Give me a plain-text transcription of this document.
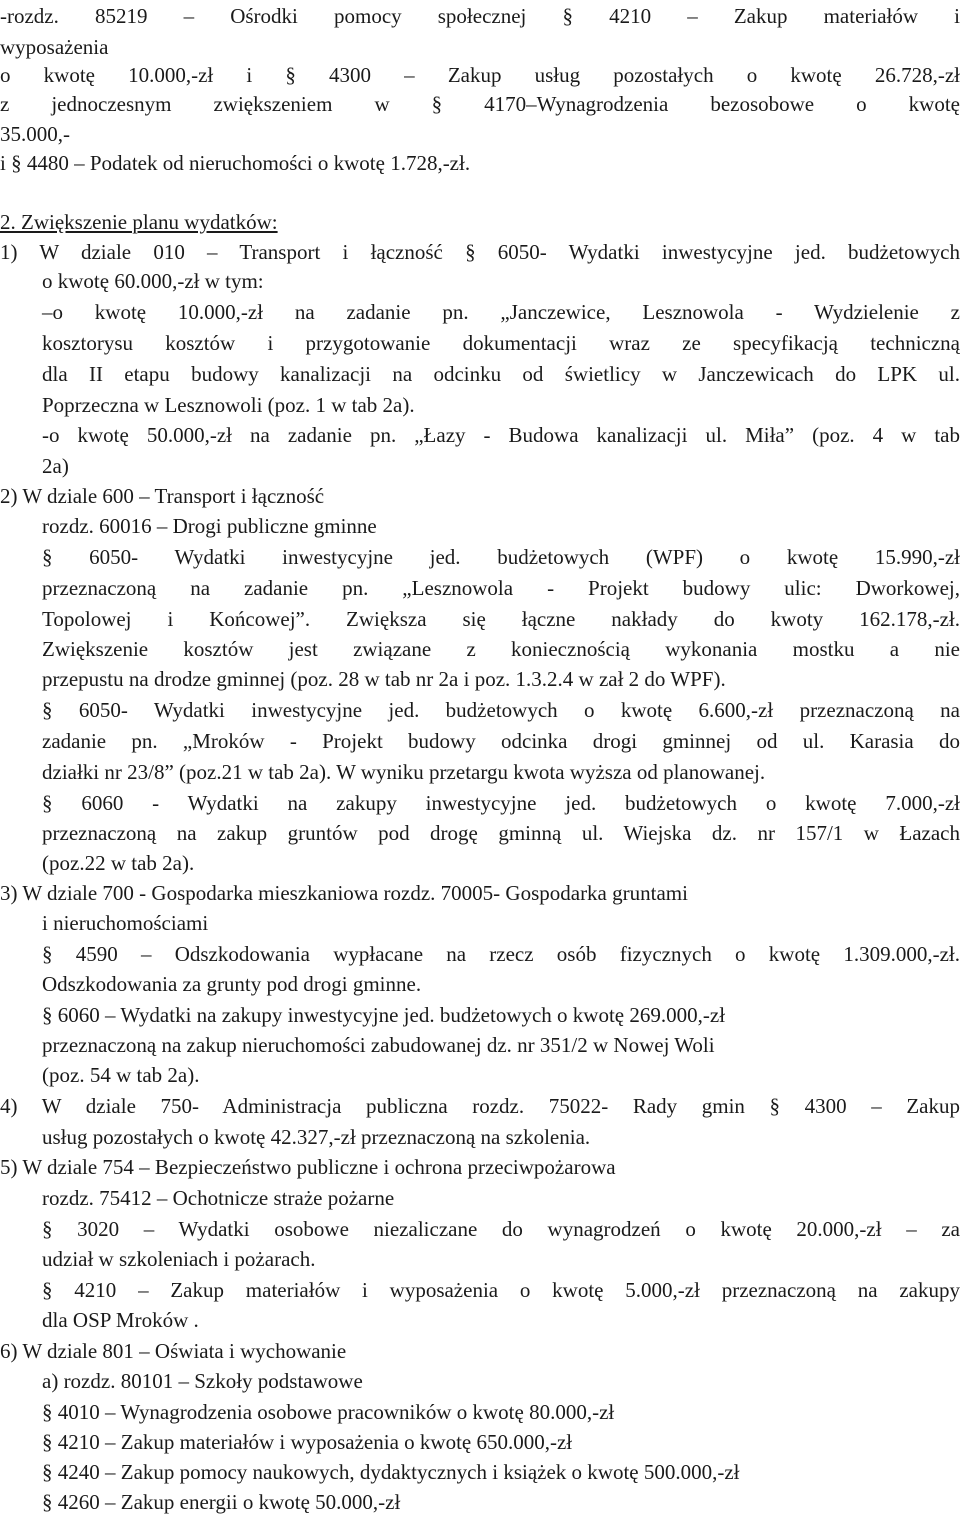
-rozdz. 85219 – Ośrodki pomocy społecznej § 4210 – Zakup materiałów i
wyposażenia
o kwotę 10.000,-zł i § 4300 – Zakup usług pozostałych o kwotę 26.728,-zł
z jednoczesnym zwiększeniem w § 4170–Wynagrodzenia bezosobowe o kwotę
35.000,-
i § 4480 – Podatek od nieruchomości o kwotę 1.728,-zł.
2. Zwiększenie planu wydatków:
1) W dziale 010 – Transport i łączność § 6050- Wydatki inwestycyjne jed. budżetowych
o kwotę 60.000,-zł w tym:
–o kwotę 10.000,-zł na zadanie pn. „Janczewice, Lesznowola - Wydzielenie z
kosztorysu kosztów i przygotowanie dokumentacji wraz ze specyfikacją techniczną
dla II etapu budowy kanalizacji na odcinku od świetlicy w Janczewicach do LPK ul.
Poprzeczna w Lesznowoli (poz. 1 w tab 2a).
-o kwotę 50.000,-zł na zadanie pn. „Łazy - Budowa kanalizacji ul. Miła” (poz. 4 w tab
2a)
2) W dziale 600 – Transport i łączność
rozdz. 60016 – Drogi publiczne gminne
§ 6050- Wydatki inwestycyjne jed. budżetowych (WPF) o kwotę 15.990,-zł
przeznaczoną na zadanie pn. „Lesznowola - Projekt budowy ulic: Dworkowej,
Topolowej i Końcowej”. Zwiększa się łączne nakłady do kwoty 162.178,-zł.
Zwiększenie kosztów jest związane z koniecznością wykonania mostku a nie
przepustu na drodze gminnej (poz. 28 w tab nr 2a i poz. 1.3.2.4 w zał 2 do WPF).
§ 6050- Wydatki inwestycyjne jed. budżetowych o kwotę 6.600,-zł przeznaczoną na
zadanie pn. „Mroków - Projekt budowy odcinka drogi gminnej od ul. Karasia do
działki nr 23/8” (poz.21 w tab 2a). W wyniku przetargu kwota wyższa od planowanej.
§ 6060 - Wydatki na zakupy inwestycyjne jed. budżetowych o kwotę 7.000,-zł
przeznaczoną na zakup gruntów pod drogę gminną ul. Wiejska dz. nr 157/1 w Łazach
(poz.22 w tab 2a).
3) W dziale 700 - Gospodarka mieszkaniowa rozdz. 70005- Gospodarka gruntami
i nieruchomościami
§ 4590 – Odszkodowania wypłacane na rzecz osób fizycznych o kwotę 1.309.000,-zł.
Odszkodowania za grunty pod drogi gminne.
§ 6060 – Wydatki na zakupy inwestycyjne jed. budżetowych o kwotę 269.000,-zł
przeznaczoną na zakup nieruchomości zabudowanej dz. nr 351/2 w Nowej Woli
(poz. 54 w tab 2a).
4) W dziale 750- Administracja publiczna rozdz. 75022- Rady gmin § 4300 – Zakup
usług pozostałych o kwotę 42.327,-zł przeznaczoną na szkolenia.
5) W dziale 754 – Bezpieczeństwo publiczne i ochrona przeciwpożarowa
rozdz. 75412 – Ochotnicze straże pożarne
§ 3020 – Wydatki osobowe niezaliczane do wynagrodzeń o kwotę 20.000,-zł – za
udział w szkoleniach i pożarach.
§ 4210 – Zakup materiałów i wyposażenia o kwotę 5.000,-zł przeznaczoną na zakupy
dla OSP Mroków .
6) W dziale 801 – Oświata i wychowanie
a) rozdz. 80101 – Szkoły podstawowe
§ 4010 – Wynagrodzenia osobowe pracowników o kwotę 80.000,-zł
§ 4210 – Zakup materiałów i wyposażenia o kwotę 650.000,-zł
§ 4240 – Zakup pomocy naukowych, dydaktycznych i książek o kwotę 500.000,-zł
§ 4260 – Zakup energii o kwotę 50.000,-zł
